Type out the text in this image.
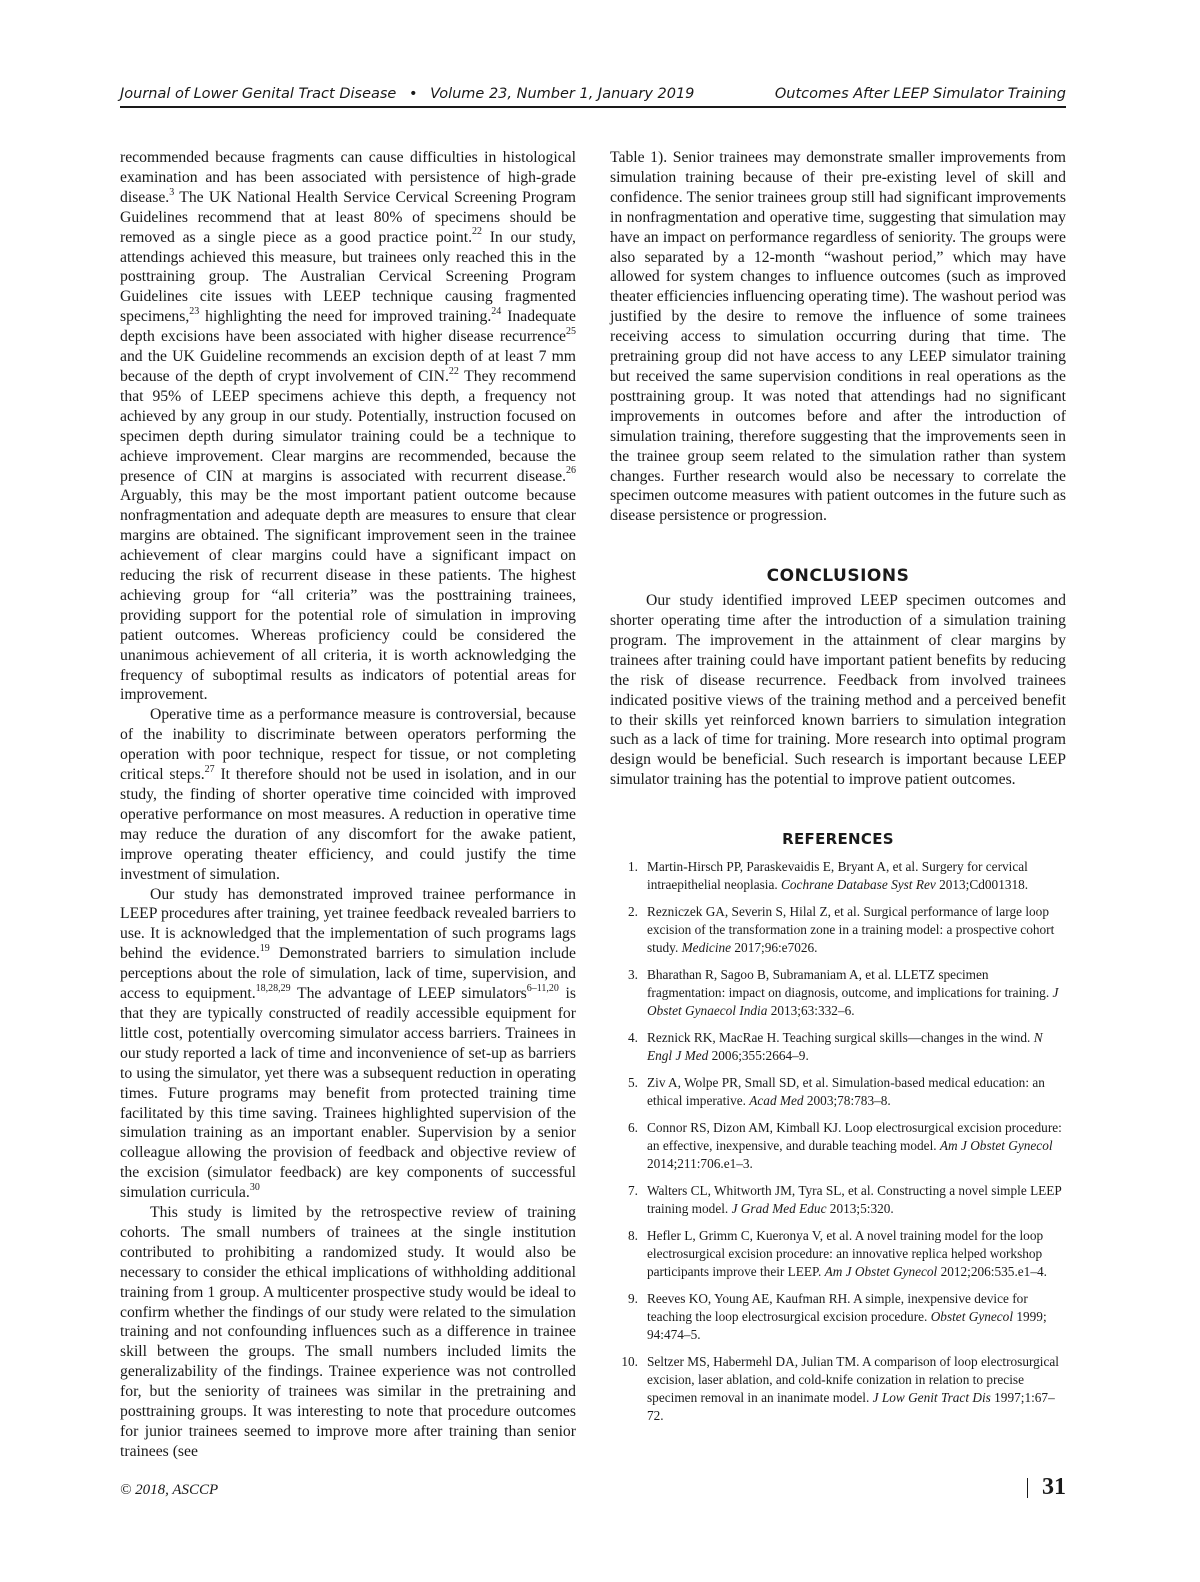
Journal of Lower Genital Tract Disease • Volume 23, Number 1, January 2019	Outcomes After LEEP Simulator Training

recommended because fragments can cause difficulties in histological examination and has been associated with persistence of high-grade disease.$^3$ The UK National Health Service Cervical Screening Program Guidelines recommend that at least 80% of specimens should be removed as a single piece as a good practice point.$^{22}$ In our study, attendings achieved this measure, but trainees only reached this in the posttraining group. The Australian Cervical Screening Program Guidelines cite issues with LEEP technique causing fragmented specimens,$^{23}$ highlighting the need for improved training.$^{24}$ Inadequate depth excisions have been associated with higher disease recurrence$^{25}$ and the UK Guideline recommends an excision depth of at least 7 mm because of the depth of crypt involvement of CIN.$^{22}$ They recommend that 95% of LEEP specimens achieve this depth, a frequency not achieved by any group in our study. Potentially, instruction focused on specimen depth during simulator training could be a technique to achieve improvement. Clear margins are recommended, because the presence of CIN at margins is associated with recurrent disease.$^{26}$ Arguably, this may be the most important patient outcome because nonfragmentation and adequate depth are measures to ensure that clear margins are obtained. The significant improvement seen in the trainee achievement of clear margins could have a significant impact on reducing the risk of recurrent disease in these patients. The highest achieving group for “all criteria” was the posttraining trainees, providing support for the potential role of simulation in improving patient outcomes. Whereas proficiency could be considered the unanimous achievement of all criteria, it is worth acknowledging the frequency of suboptimal results as indicators of potential areas for improvement.

Operative time as a performance measure is controversial, because of the inability to discriminate between operators performing the operation with poor technique, respect for tissue, or not completing critical steps.$^{27}$ It therefore should not be used in isolation, and in our study, the finding of shorter operative time coincided with improved operative performance on most measures. A reduction in operative time may reduce the duration of any discomfort for the awake patient, improve operating theater efficiency, and could justify the time investment of simulation.

Our study has demonstrated improved trainee performance in LEEP procedures after training, yet trainee feedback revealed barriers to use. It is acknowledged that the implementation of such programs lags behind the evidence.$^{19}$ Demonstrated barriers to simulation include perceptions about the role of simulation, lack of time, supervision, and access to equipment.$^{18,28,29}$ The advantage of LEEP simulators$^{6-11,20}$ is that they are typically constructed of readily accessible equipment for little cost, potentially overcoming simulator access barriers. Trainees in our study reported a lack of time and inconvenience of set-up as barriers to using the simulator, yet there was a subsequent reduction in operating times. Future programs may benefit from protected training time facilitated by this time saving. Trainees highlighted supervision of the simulation training as an important enabler. Supervision by a senior colleague allowing the provision of feedback and objective review of the excision (simulator feedback) are key components of successful simulation curricula.$^{30}$

This study is limited by the retrospective review of training cohorts. The small numbers of trainees at the single institution contributed to prohibiting a randomized study. It would also be necessary to consider the ethical implications of withholding additional training from 1 group. A multicenter prospective study would be ideal to confirm whether the findings of our study were related to the simulation training and not confounding influences such as a difference in trainee skill between the groups. The small numbers included limits the generalizability of the findings. Trainee experience was not controlled for, but the seniority of trainees was similar in the pretraining and posttraining groups. It was interesting to note that procedure outcomes for junior trainees seemed to improve more after training than senior trainees (see

Table 1). Senior trainees may demonstrate smaller improvements from simulation training because of their pre-existing level of skill and confidence. The senior trainees group still had significant improvements in nonfragmentation and operative time, suggesting that simulation may have an impact on performance regardless of seniority. The groups were also separated by a 12-month “washout period,” which may have allowed for system changes to influence outcomes (such as improved theater efficiencies influencing operating time). The washout period was justified by the desire to remove the influence of some trainees receiving access to simulation occurring during that time. The pretraining group did not have access to any LEEP simulator training but received the same supervision conditions in real operations as the posttraining group. It was noted that attendings had no significant improvements in outcomes before and after the introduction of simulation training, therefore suggesting that the improvements seen in the trainee group seem related to the simulation rather than system changes. Further research would also be necessary to correlate the specimen outcome measures with patient outcomes in the future such as disease persistence or progression.

CONCLUSIONS

Our study identified improved LEEP specimen outcomes and shorter operating time after the introduction of a simulation training program. The improvement in the attainment of clear margins by trainees after training could have important patient benefits by reducing the risk of disease recurrence. Feedback from involved trainees indicated positive views of the training method and a perceived benefit to their skills yet reinforced known barriers to simulation integration such as a lack of time for training. More research into optimal program design would be beneficial. Such research is important because LEEP simulator training has the potential to improve patient outcomes.

REFERENCES
1. Martin-Hirsch PP, Paraskevaidis E, Bryant A, et al. Surgery for cervical intraepithelial neoplasia. Cochrane Database Syst Rev 2013;Cd001318.
2. Rezniczek GA, Severin S, Hilal Z, et al. Surgical performance of large loop excision of the transformation zone in a training model: a prospective cohort study. Medicine 2017;96:e7026.
3. Bharathan R, Sagoo B, Subramaniam A, et al. LLETZ specimen fragmentation: impact on diagnosis, outcome, and implications for training. J Obstet Gynaecol India 2013;63:332–6.
4. Reznick RK, MacRae H. Teaching surgical skills—changes in the wind. N Engl J Med 2006;355:2664–9.
5. Ziv A, Wolpe PR, Small SD, et al. Simulation-based medical education: an ethical imperative. Acad Med 2003;78:783–8.
6. Connor RS, Dizon AM, Kimball KJ. Loop electrosurgical excision procedure: an effective, inexpensive, and durable teaching model. Am J Obstet Gynecol 2014;211:706.e1–3.
7. Walters CL, Whitworth JM, Tyra SL, et al. Constructing a novel simple LEEP training model. J Grad Med Educ 2013;5:320.
8. Hefler L, Grimm C, Kueronya V, et al. A novel training model for the loop electrosurgical excision procedure: an innovative replica helped workshop participants improve their LEEP. Am J Obstet Gynecol 2012;206:535.e1–4.
9. Reeves KO, Young AE, Kaufman RH. A simple, inexpensive device for teaching the loop electrosurgical excision procedure. Obstet Gynecol 1999; 94:474–5.
10. Seltzer MS, Habermehl DA, Julian TM. A comparison of loop electrosurgical excision, laser ablation, and cold-knife conization in relation to precise specimen removal in an inanimate model. J Low Genit Tract Dis 1997;1:67–72.
© 2018, ASCCP	31
